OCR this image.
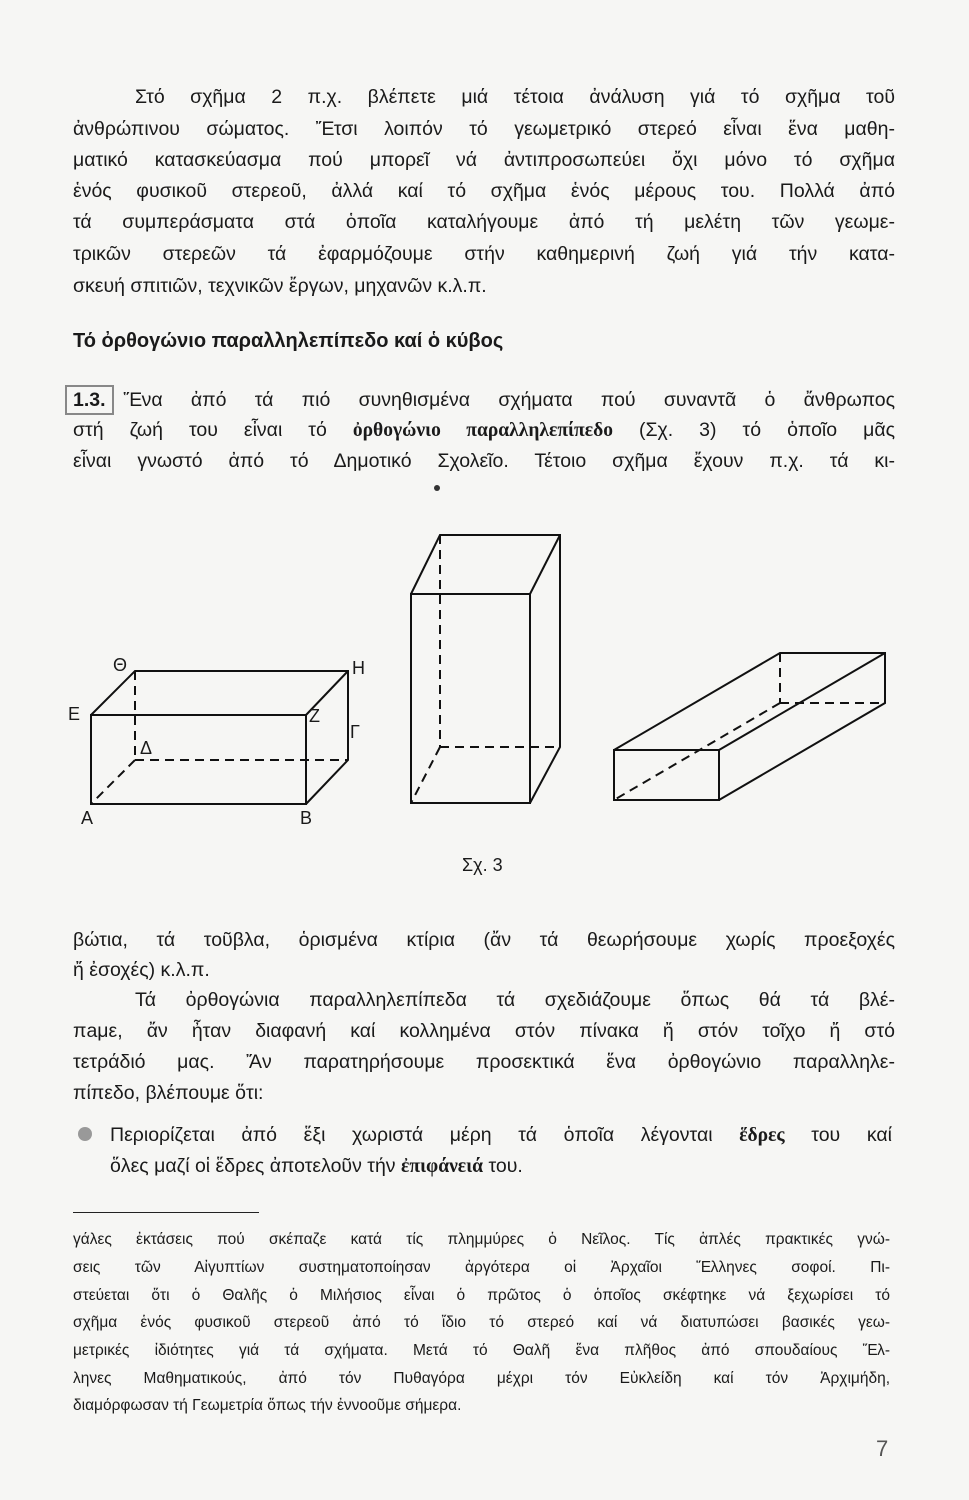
Στό σχῆμα 2 π.χ. βλέπετε μιά τέτοια ἀνάλυση γιά τό σχῆμα τοῦ
ἀνθρώπινου σώματος. Ἔτσι λοιπόν τό γεωμετρικό στερεό εἶναι ἕνα μαθη-
ματικό κατασκεύασμα πού μπορεῖ νά ἀντιπροσωπεύει ὄχι μόνο τό σχῆμα
ἑνός φυσικοῦ στερεοῦ, ἀλλά καί τό σχῆμα ἑνός μέρους του. Πολλά ἀπό
τά συμπεράσματα στά ὁποῖα καταλήγουμε ἀπό τή μελέτη τῶν γεωμε-
τρικῶν στερεῶν τά ἐφαρμόζουμε στήν καθημερινή ζωή γιά τήν κατα-
σκευή σπιτιῶν, τεχνικῶν ἔργων, μηχανῶν κ.λ.π.
Τό ὀρθογώνιο παραλληλεπίπεδο καί ὁ κύβος
1.3. Ἕνα ἀπό τά πιό συνηθισμένα σχήματα πού συναντᾶ ὁ ἄνθρωπος
στή ζωή του εἶναι τό ὀρθογώνιο παραλληλεπίπεδο (Σχ. 3) τό ὁποῖο μᾶς
εἶναι γνωστό ἀπό τό Δημοτικό Σχολεῖο. Τέτοιο σχῆμα ἔχουν π.χ. τά κι-
Α	Β
Γ
Δ
Ε	Ζ
Η
Θ
Σχ. 3
βώτια, τά τοῦβλα, ὁρισμένα κτίρια (ἄν τά θεωρήσουμε χωρίς προεξοχές
ἤ ἐσοχές) κ.λ.π.
Τά ὀρθογώνια παραλληλεπίπεδα τά σχεδιάζουμε ὅπως θά τά βλέ-
πaμε, ἄν ἦταν διαφανή καί κολλημένα στόν πίνακα ἤ στόν τοῖχο ἤ στό
τετράδιό μας. Ἄν παρατηρήσουμε προσεκτικά ἕνα ὀρθογώνιο παραλληλε-
πίπεδο, βλέπουμε ὅτι:
Περιορίζεται ἀπό ἕξι χωριστά μέρη τά ὁποῖα λέγονται ἕδρες του καί
ὅλες μαζί οἱ ἕδρες ἀποτελοῦν τήν ἐπιφάνειά του.
γάλες ἐκτάσεις πού σκέπαζε κατά τίς πλημμύρες ὁ Νεῖλος. Τίς ἁπλές πρακτικές γνώ-
σεις τῶν Αἰγυπτίων συστηματοποίησαν ἀργότερα οἱ Ἀρχαῖοι Ἕλληνες σοφοί. Πι-
στεύεται ὅτι ὁ Θαλῆς ὁ Μιλήσιος εἶναι ὁ πρῶτος ὁ ὁποῖος σκέφτηκε νά ξεχωρίσει τό
σχῆμα ἑνός φυσικοῦ στερεοῦ ἀπό τό ἴδιο τό στερεό καί νά διατυπώσει βασικές γεω-
μετρικές ἰδιότητες γιά τά σχήματα. Μετά τό Θαλῆ ἕνα πλῆθος ἀπό σπουδαίους Ἕλ-
ληνες Μαθηματικούς, ἀπό τόν Πυθαγόρα μέχρι τόν Εὐκλείδη καί τόν Ἀρχιμήδη,
διαμόρφωσαν τή Γεωμετρία ὅπως τήν ἐννοοῦμε σήμερα.
7
